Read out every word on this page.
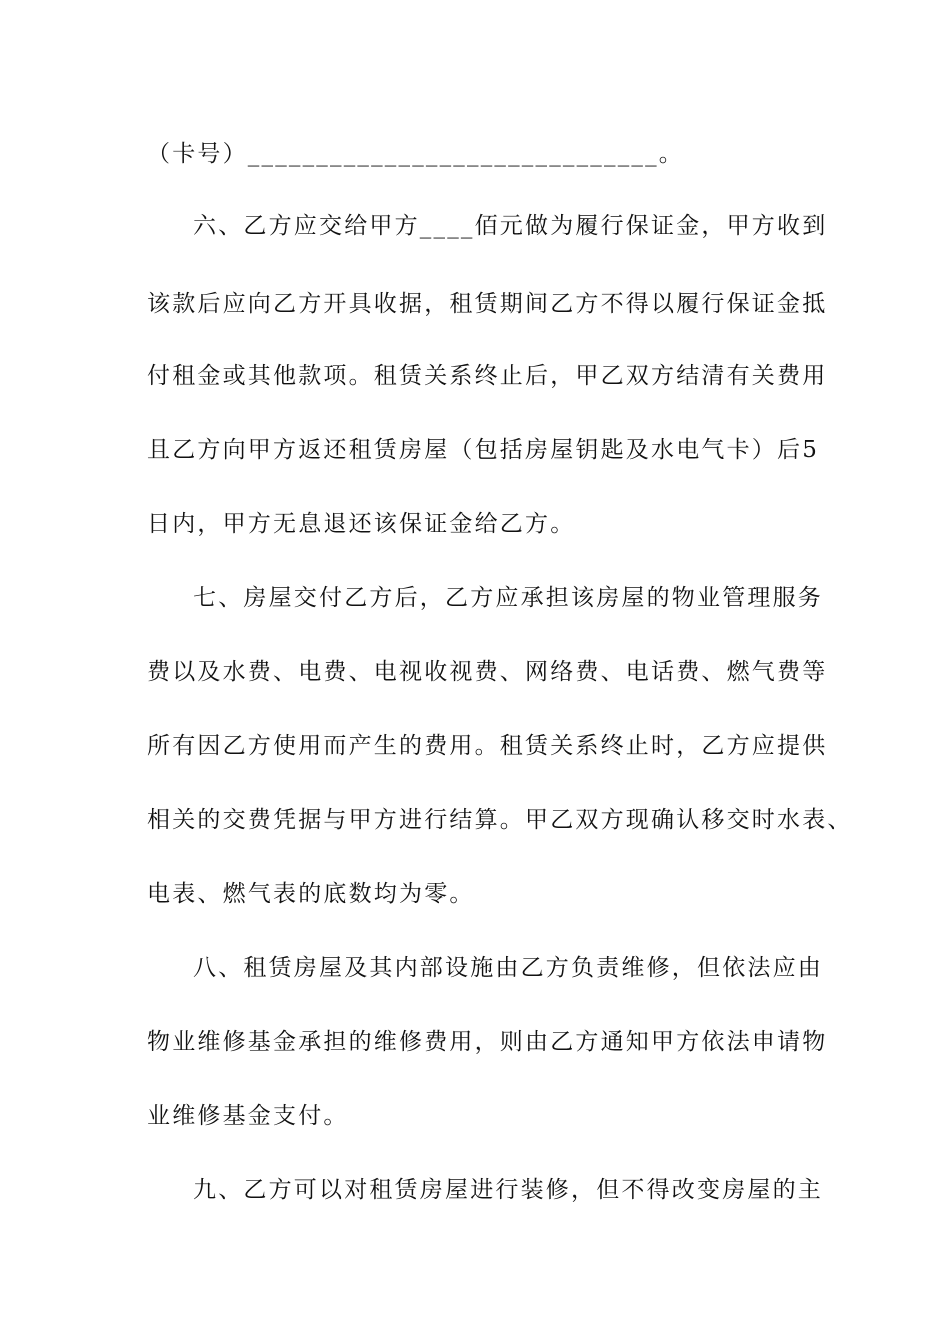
（卡号）______________________________。
六、乙方应交给甲方____佰元做为履行保证金，甲方收到
该款后应向乙方开具收据，租赁期间乙方不得以履行保证金抵
付租金或其他款项。租赁关系终止后，甲乙双方结清有关费用
且乙方向甲方返还租赁房屋（包括房屋钥匙及水电气卡）后5
日内，甲方无息退还该保证金给乙方。
七、房屋交付乙方后，乙方应承担该房屋的物业管理服务
费以及水费、电费、电视收视费、网络费、电话费、燃气费等
所有因乙方使用而产生的费用。租赁关系终止时，乙方应提供
相关的交费凭据与甲方进行结算。甲乙双方现确认移交时水表、
电表、燃气表的底数均为零。
八、租赁房屋及其内部设施由乙方负责维修，但依法应由
物业维修基金承担的维修费用，则由乙方通知甲方依法申请物
业维修基金支付。
九、乙方可以对租赁房屋进行装修，但不得改变房屋的主
